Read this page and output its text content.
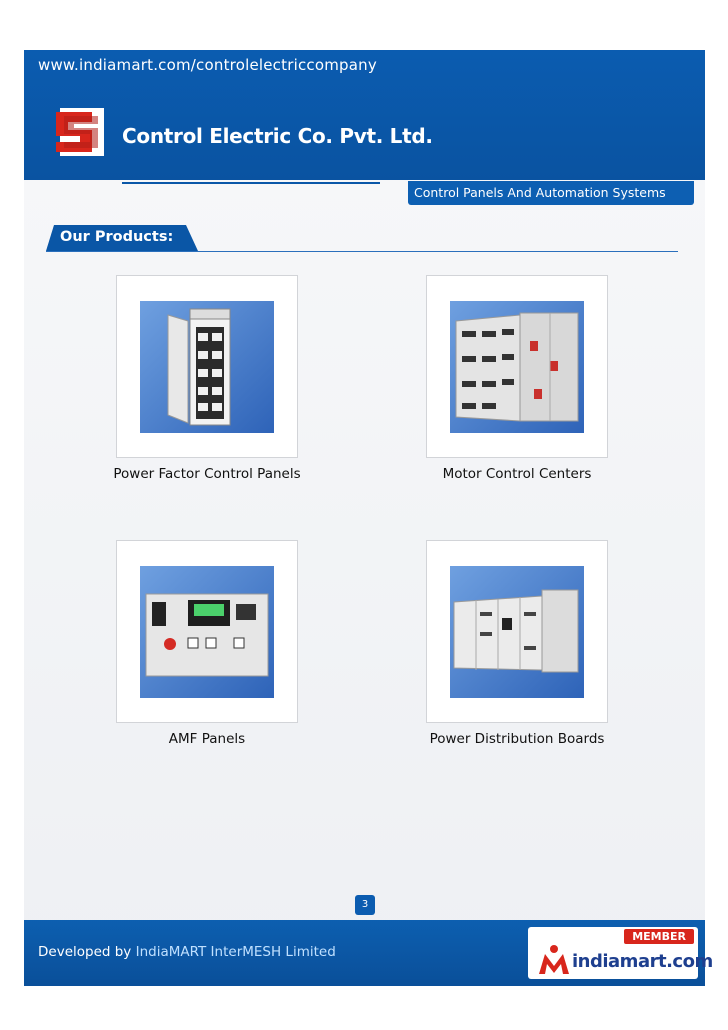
www.indiamart.com/controlelectriccompany
Control Electric Co. Pvt. Ltd.
Control Panels And Automation Systems
Our Products:
Power Factor Control Panels	Motor Control Centers
AMF Panels	Power Distribution Boards
3
Developed by IndiaMART InterMESH Limited
MEMBER
indiamart.com
